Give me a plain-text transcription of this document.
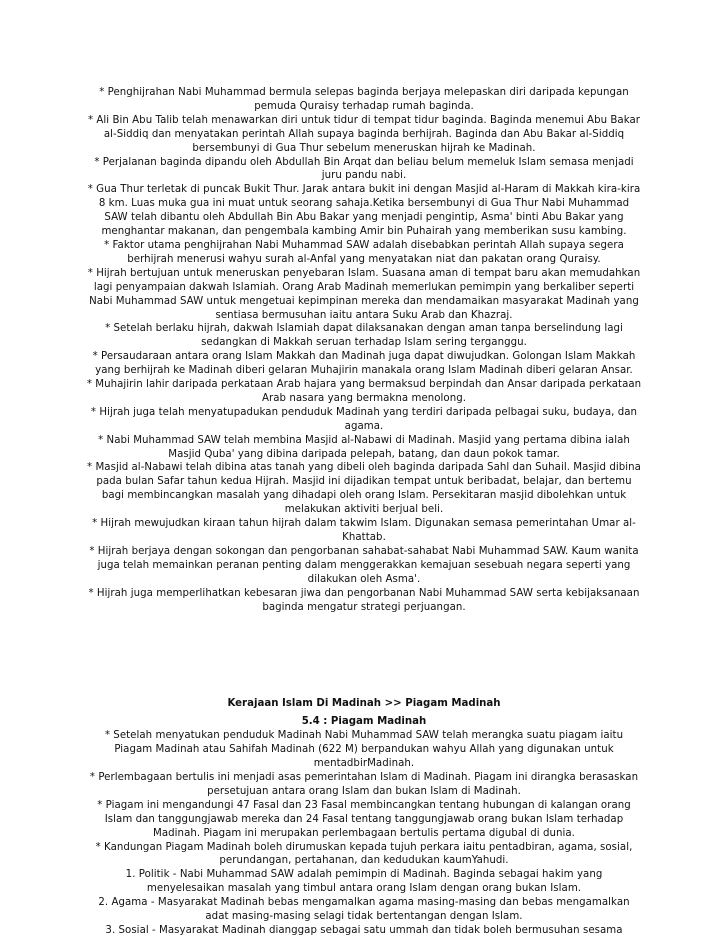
* Penghijrahan Nabi Muhammad bermula selepas baginda berjaya melepaskan diri daripada kepungan pemuda Quraisy terhadap rumah baginda.

* Ali Bin Abu Talib telah menawarkan diri untuk tidur di tempat tidur baginda. Baginda menemui Abu Bakar al-Siddiq dan menyatakan perintah Allah supaya baginda berhijrah. Baginda dan Abu Bakar al-Siddiq bersembunyi di Gua Thur sebelum meneruskan hijrah ke Madinah.

* Perjalanan baginda dipandu oleh Abdullah Bin Arqat dan beliau belum memeluk Islam semasa menjadi juru pandu nabi.

* Gua Thur terletak di puncak Bukit Thur. Jarak antara bukit ini dengan Masjid al-Haram di Makkah kira-kira 8 km. Luas muka gua ini muat untuk seorang sahaja.Ketika bersembunyi di Gua Thur Nabi Muhammad SAW telah dibantu oleh Abdullah Bin Abu Bakar yang menjadi pengintip, Asma' binti Abu Bakar yang menghantar makanan, dan pengembala kambing Amir bin Puhairah yang memberikan susu kambing.

* Faktor utama penghijrahan Nabi Muhammad SAW adalah disebabkan perintah Allah supaya segera berhijrah menerusi wahyu surah al-Anfal yang menyatakan niat dan pakatan orang Quraisy.

* Hijrah bertujuan untuk meneruskan penyebaran Islam. Suasana aman di tempat baru akan memudahkan lagi penyampaian dakwah Islamiah. Orang Arab Madinah memerlukan pemimpin yang berkaliber seperti Nabi Muhammad SAW untuk mengetuai kepimpinan mereka dan mendamaikan masyarakat Madinah yang sentiasa bermusuhan iaitu antara Suku Arab dan Khazraj.

* Setelah berlaku hijrah, dakwah Islamiah dapat dilaksanakan dengan aman tanpa berselindung lagi sedangkan di Makkah seruan terhadap Islam sering terganggu.

* Persaudaraan antara orang Islam Makkah dan Madinah juga dapat diwujudkan. Golongan Islam Makkah yang berhijrah ke Madinah diberi gelaran Muhajirin manakala orang Islam Madinah diberi gelaran Ansar.

* Muhajirin lahir daripada perkataan Arab hajara yang bermaksud berpindah dan Ansar daripada perkataan Arab nasara yang bermakna menolong.

* Hijrah juga telah menyatupadukan penduduk Madinah yang terdiri daripada pelbagai suku, budaya, dan agama.

* Nabi Muhammad SAW telah membina Masjid al-Nabawi di Madinah. Masjid yang pertama dibina ialah Masjid Quba' yang dibina daripada pelepah, batang, dan daun pokok tamar.

* Masjid al-Nabawi telah dibina atas tanah yang dibeli oleh baginda daripada Sahl dan Suhail. Masjid dibina pada bulan Safar tahun kedua Hijrah. Masjid ini dijadikan tempat untuk beribadat, belajar, dan bertemu bagi membincangkan masalah yang dihadapi oleh orang Islam. Persekitaran masjid dibolehkan untuk melakukan aktiviti berjual beli.

* Hijrah mewujudkan kiraan tahun hijrah dalam takwim Islam. Digunakan semasa pemerintahan Umar al-Khattab.

* Hijrah berjaya dengan sokongan dan pengorbanan sahabat-sahabat Nabi Muhammad SAW. Kaum wanita juga telah memainkan peranan penting dalam menggerakkan kemajuan sesebuah negara seperti yang dilakukan oleh Asma'.

* Hijrah juga memperlihatkan kebesaran jiwa dan pengorbanan Nabi Muhammad SAW serta kebijaksanaan baginda mengatur strategi perjuangan.

Kerajaan Islam Di Madinah >> Piagam Madinah

5.4 : Piagam Madinah

* Setelah menyatukan penduduk Madinah Nabi Muhammad SAW telah merangka suatu piagam iaitu Piagam Madinah atau Sahifah Madinah (622 M) berpandukan wahyu Allah yang digunakan untuk mentadbirMadinah.

* Perlembagaan bertulis ini menjadi asas pemerintahan Islam di Madinah. Piagam ini dirangka berasaskan persetujuan antara orang Islam dan bukan Islam di Madinah.

* Piagam ini mengandungi 47 Fasal dan 23 Fasal membincangkan tentang hubungan di kalangan orang Islam dan tanggungjawab mereka dan 24 Fasal tentang tanggungjawab orang bukan Islam terhadap Madinah. Piagam ini merupakan perlembagaan bertulis pertama digubal di dunia.

* Kandungan Piagam Madinah boleh dirumuskan kepada tujuh perkara iaitu pentadbiran, agama, sosial, perundangan, pertahanan, dan kedudukan kaumYahudi.

1. Politik - Nabi Muhammad SAW adalah pemimpin di Madinah. Baginda sebagai hakim yang menyelesaikan masalah yang timbul antara orang Islam dengan orang bukan Islam.

2. Agama - Masyarakat Madinah bebas mengamalkan agama masing-masing dan bebas mengamalkan adat masing-masing selagi tidak bertentangan dengan Islam.

3. Sosial - Masyarakat Madinah dianggap sebagai satu ummah dan tidak boleh bermusuhan sesama
